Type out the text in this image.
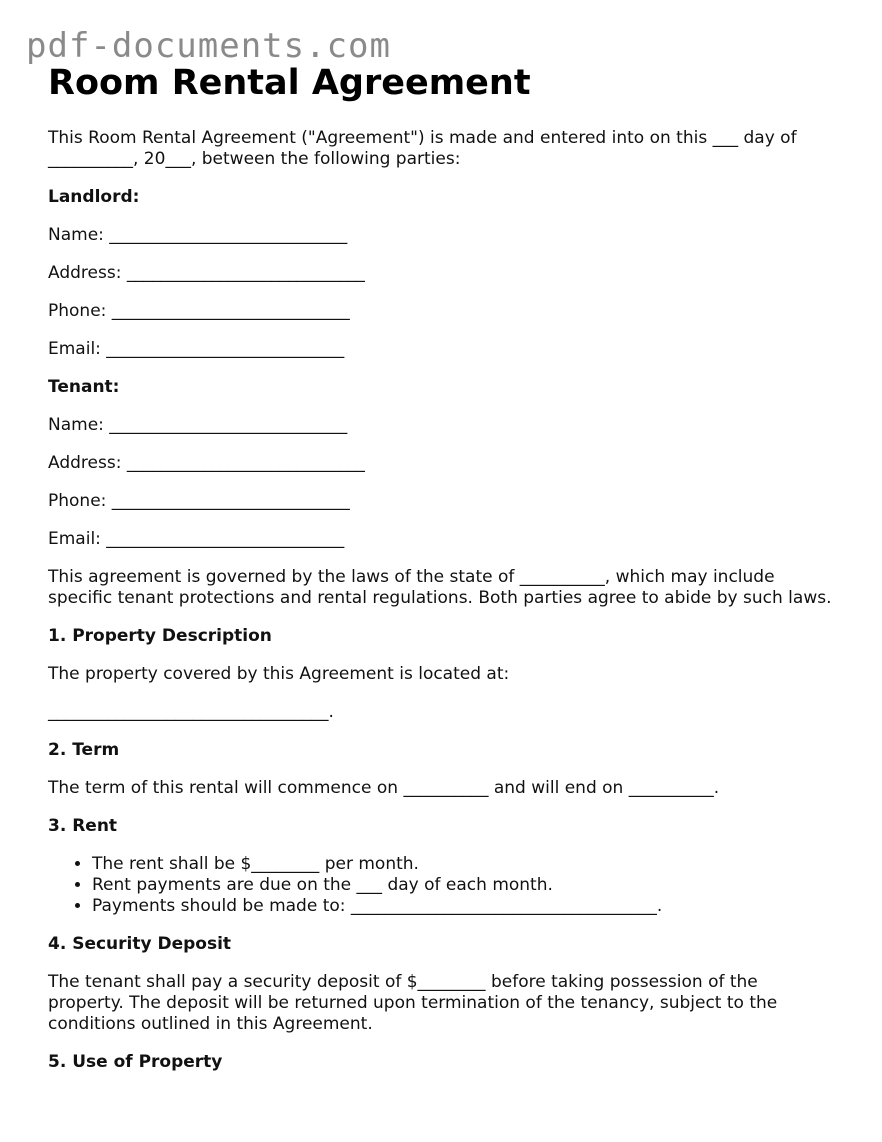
pdf-documents.com
Room Rental Agreement

This Room Rental Agreement ("Agreement") is made and entered into on this ___ day of __________, 20___, between the following parties:

Landlord:

Name: ____________________________

Address: ____________________________

Phone: ____________________________

Email: ____________________________

Tenant:

Name: ____________________________

Address: ____________________________

Phone: ____________________________

Email: ____________________________

This agreement is governed by the laws of the state of __________, which may include specific tenant protections and rental regulations. Both parties agree to abide by such laws.

1. Property Description

The property covered by this Agreement is located at:

_________________________________.

2. Term

The term of this rental will commence on __________ and will end on __________.

3. Rent

• The rent shall be $________ per month.
• Rent payments are due on the ___ day of each month.
• Payments should be made to: ____________________________________.

4. Security Deposit

The tenant shall pay a security deposit of $________ before taking possession of the property. The deposit will be returned upon termination of the tenancy, subject to the conditions outlined in this Agreement.

5. Use of Property
